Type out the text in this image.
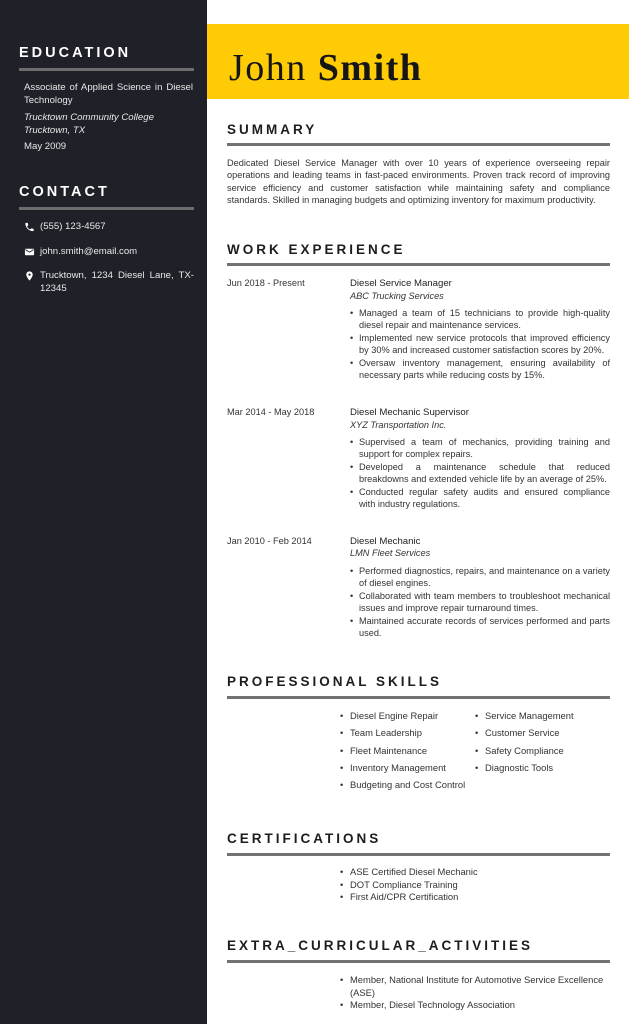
EDUCATION
Associate of Applied Science in Diesel Technology
Trucktown Community College
Trucktown, TX
May 2009
CONTACT
(555) 123-4567
john.smith@email.com
Trucktown, 1234 Diesel Lane, TX-12345
John Smith
SUMMARY

Dedicated Diesel Service Manager with over 10 years of experience overseeing repair operations and leading teams in fast-paced environments. Proven track record of improving service efficiency and customer satisfaction while maintaining safety and compliance standards. Skilled in managing budgets and optimizing inventory for maximum productivity.

WORK EXPERIENCE
Jun 2018 - Present	Diesel Service Manager
ABC Trucking Services
• Managed a team of 15 technicians to provide high-quality diesel repair and maintenance services.
• Implemented new service protocols that improved efficiency by 30% and increased customer satisfaction scores by 20%.
• Oversaw inventory management, ensuring availability of necessary parts while reducing costs by 15%.
Mar 2014 - May 2018	Diesel Mechanic Supervisor
XYZ Transportation Inc.
• Supervised a team of mechanics, providing training and support for complex repairs.
• Developed a maintenance schedule that reduced breakdowns and extended vehicle life by an average of 25%.
• Conducted regular safety audits and ensured compliance with industry regulations.
Jan 2010 - Feb 2014	Diesel Mechanic
LMN Fleet Services
• Performed diagnostics, repairs, and maintenance on a variety of diesel engines.
• Collaborated with team members to troubleshoot mechanical issues and improve repair turnaround times.
• Maintained accurate records of services performed and parts used.
PROFESSIONAL SKILLS
• Diesel Engine Repair	• Service Management
• Team Leadership	• Customer Service
• Fleet Maintenance	• Safety Compliance
• Inventory Management	• Diagnostic Tools
• Budgeting and Cost Control
CERTIFICATIONS
• ASE Certified Diesel Mechanic
• DOT Compliance Training
• First Aid/CPR Certification
EXTRA_CURRICULAR_ACTIVITIES
• Member, National Institute for Automotive Service Excellence (ASE)
• Member, Diesel Technology Association
